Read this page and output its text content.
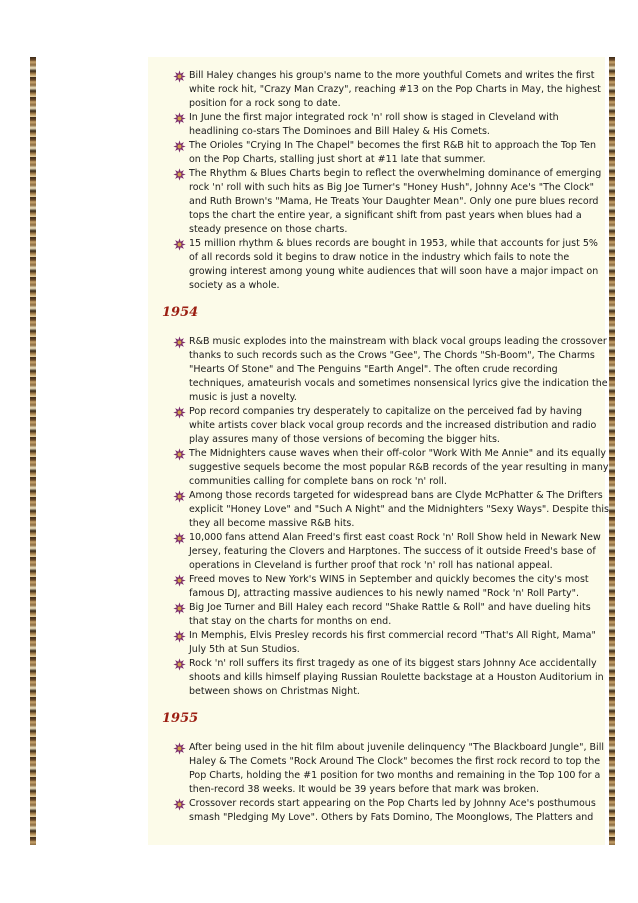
Bill Haley changes his group's name to the more youthful Comets and writes the first white rock hit, "Crazy Man Crazy", reaching #13 on the Pop Charts in May, the highest position for a rock song to date.
In June the first major integrated rock 'n' roll show is staged in Cleveland with headlining co-stars The Dominoes and Bill Haley & His Comets.
The Orioles "Crying In The Chapel" becomes the first R&B hit to approach the Top Ten on the Pop Charts, stalling just short at #11 late that summer.
The Rhythm & Blues Charts begin to reflect the overwhelming dominance of emerging rock 'n' roll with such hits as Big Joe Turner's "Honey Hush", Johnny Ace's "The Clock" and Ruth Brown's "Mama, He Treats Your Daughter Mean". Only one pure blues record tops the chart the entire year, a significant shift from past years when blues had a steady presence on those charts.
15 million rhythm & blues records are bought in 1953, while that accounts for just 5% of all records sold it begins to draw notice in the industry which fails to note the growing interest among young white audiences that will soon have a major impact on society as a whole.
1954
R&B music explodes into the mainstream with black vocal groups leading the crossover thanks to such records such as the Crows "Gee", The Chords "Sh-Boom", The Charms "Hearts Of Stone" and The Penguins "Earth Angel". The often crude recording techniques, amateurish vocals and sometimes nonsensical lyrics give the indication the music is just a novelty.
Pop record companies try desperately to capitalize on the perceived fad by having white artists cover black vocal group records and the increased distribution and radio play assures many of those versions of becoming the bigger hits.
The Midnighters cause waves when their off-color "Work With Me Annie" and its equally suggestive sequels become the most popular R&B records of the year resulting in many communities calling for complete bans on rock 'n' roll.
Among those records targeted for widespread bans are Clyde McPhatter & The Drifters explicit "Honey Love" and "Such A Night" and the Midnighters "Sexy Ways". Despite this they all become massive R&B hits.
10,000 fans attend Alan Freed's first east coast Rock 'n' Roll Show held in Newark New Jersey, featuring the Clovers and Harptones. The success of it outside Freed's base of operations in Cleveland is further proof that rock 'n' roll has national appeal.
Freed moves to New York's WINS in September and quickly becomes the city's most famous DJ, attracting massive audiences to his newly named "Rock 'n' Roll Party".
Big Joe Turner and Bill Haley each record "Shake Rattle & Roll" and have dueling hits that stay on the charts for months on end.
In Memphis, Elvis Presley records his first commercial record "That's All Right, Mama" July 5th at Sun Studios.
Rock 'n' roll suffers its first tragedy as one of its biggest stars Johnny Ace accidentally shoots and kills himself playing Russian Roulette backstage at a Houston Auditorium in between shows on Christmas Night.
1955
After being used in the hit film about juvenile delinquency "The Blackboard Jungle", Bill Haley & The Comets "Rock Around The Clock" becomes the first rock record to top the Pop Charts, holding the #1 position for two months and remaining in the Top 100 for a then-record 38 weeks. It would be 39 years before that mark was broken.
Crossover records start appearing on the Pop Charts led by Johnny Ace's posthumous smash "Pledging My Love". Others by Fats Domino, The Moonglows, The Platters and
